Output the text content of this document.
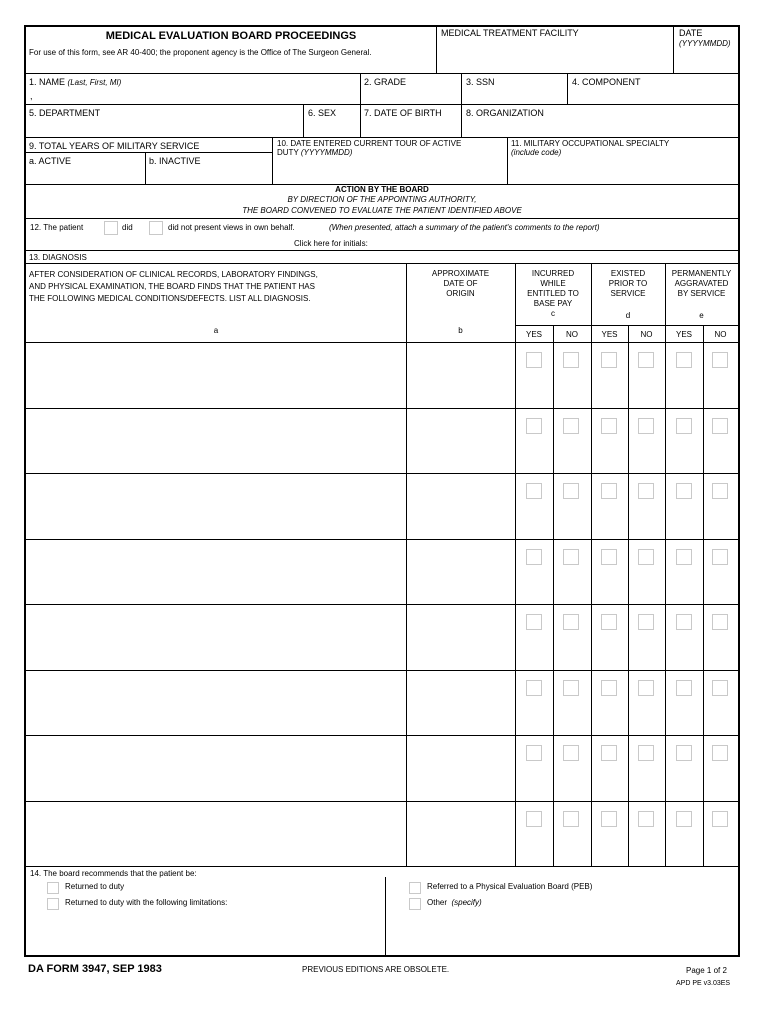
MEDICAL EVALUATION BOARD PROCEEDINGS
For use of this form, see AR 40-400; the proponent agency is the Office of The Surgeon General.
MEDICAL TREATMENT FACILITY	DATE
(YYYYMMDD)
1. NAME (Last, First, MI)
,
2. GRADE	3. SSN	4. COMPONENT
5. DEPARTMENT	6. SEX	7. DATE OF BIRTH	8. ORGANIZATION
9. TOTAL YEARS OF MILITARY SERVICE
a. ACTIVE	b. INACTIVE
10. DATE ENTERED CURRENT TOUR OF ACTIVE
DUTY (YYYYMMDD)
11. MILITARY OCCUPATIONAL SPECIALTY
(include code)
ACTION BY THE BOARD
BY DIRECTION OF THE APPOINTING AUTHORITY,
THE BOARD CONVENED TO EVALUATE THE PATIENT IDENTIFIED ABOVE
12. The patient	did	did not present views in own behalf.	(When presented, attach a summary of the patient's comments to the report)
Click here for initials:
13. DIAGNOSIS
AFTER CONSIDERATION OF CLINICAL RECORDS, LABORATORY FINDINGS,
AND PHYSICAL EXAMINATION, THE BOARD FINDS THAT THE PATIENT HAS
THE FOLLOWING MEDICAL CONDITIONS/DEFECTS. LIST ALL DIAGNOSIS.
a
APPROXIMATE
DATE OF
ORIGIN
b
INCURRED
WHILE
ENTITLED TO
BASE PAY
c
EXISTED
PRIOR TO
SERVICE
d
PERMANENTLY
AGGRAVATED
BY SERVICE
e
YES	NO	YES	NO	YES	NO
14. The board recommends that the patient be:
Returned to duty
Returned to duty with the following limitations:
Referred to a Physical Evaluation Board (PEB)
Other (specify)
DA FORM 3947, SEP 1983	PREVIOUS EDITIONS ARE OBSOLETE.	Page 1 of 2
APD PE v3.03ES
